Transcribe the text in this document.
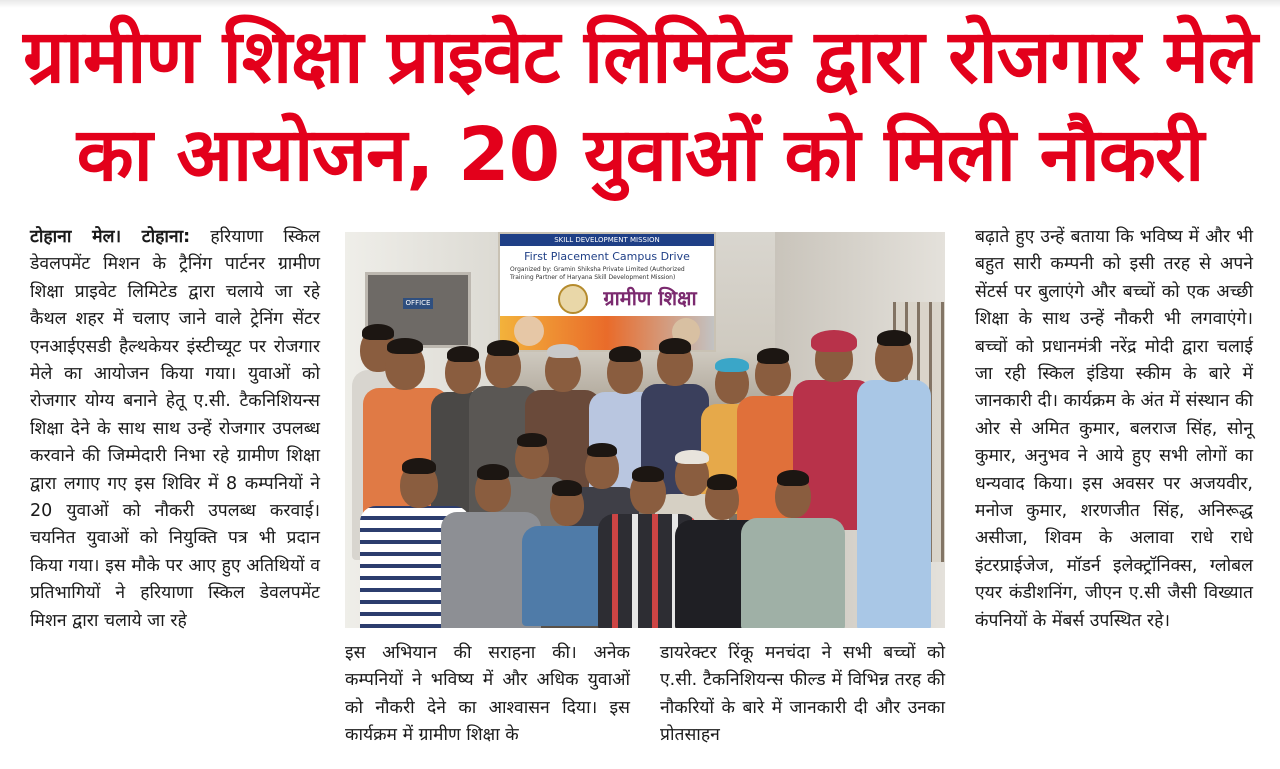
ग्रामीण शिक्षा प्राइवेट लिमिटेड द्वारा रोजगार मेले
का आयोजन, 20 युवाओं को मिली नौकरी
टोहाना मेल। टोहाना: हरियाणा स्किल डेवलपमेंट मिशन के ट्रैनिंग पार्टनर ग्रामीण शिक्षा प्राइवेट लिमिटेड द्वारा चलाये जा रहे कैथल शहर में चलाए जाने वाले ट्रेनिंग सेंटर एनआईएसडी हैल्थकेयर इंस्टीच्यूट पर रोजगार मेले का आयोजन किया गया। युवाओं को रोजगार योग्य बनाने हेतू ए.सी. टैकनिशियन्स शिक्षा देने के साथ साथ उन्हें रोजगार उपलब्ध करवाने की जिम्मेदारी निभा रहे ग्रामीण शिक्षा द्वारा लगाए गए इस शिविर में 8 कम्पनियों ने 20 युवाओं को नौकरी उपलब्ध करवाई। चयनित युवाओं को नियुक्ति पत्र भी प्रदान किया गया। इस मौके पर आए हुए अतिथियों व प्रतिभागियों ने हरियाणा स्किल डेवलपमेंट मिशन द्वारा चलाये जा रहे
OFFICE
SKILL DEVELOPMENT MISSION
First Placement Campus Drive
Organized by: Gramin Shiksha Private Limited (Authorized Training Partner of Haryana Skill Development Mission)
ग्रामीण शिक्षा
इस अभियान की सराहना की। अनेक कम्पनियों ने भविष्य में और अधिक युवाओं को नौकरी देने का आश्वासन दिया। इस कार्यक्रम में ग्रामीण शिक्षा के
डायरेक्टर रिंकू मनचंदा ने सभी बच्चों को ए.सी. टैकनिशियन्स फील्ड में विभिन्न तरह की नौकरियों के बारे में जानकारी दी और उनका प्रोतसाहन
बढ़ाते हुए उन्हें बताया कि भविष्य में और भी बहुत सारी कम्पनी को इसी तरह से अपने सेंटर्स पर बुलाएंगे और बच्चों को एक अच्छी शिक्षा के साथ उन्हें नौकरी भी लगवाएंगे। बच्चों को प्रधानमंत्री नरेंद्र मोदी द्वारा चलाई जा रही स्किल इंडिया स्कीम के बारे में जानकारी दी। कार्यक्रम के अंत में संस्थान की ओर से अमित कुमार, बलराज सिंह, सोनू कुमार, अनुभव ने आये हुए सभी लोगों का धन्यवाद किया। इस अवसर पर अजयवीर, मनोज कुमार, शरणजीत सिंह, अनिरूद्ध असीजा, शिवम के अलावा राधे राधे इंटरप्राईजेज, मॉडर्न इलेक्ट्रॉनिक्स, ग्लोबल एयर कंडीशनिंग, जीएन ए.सी जैसी विख्यात कंपनियों के मेंबर्स उपस्थित रहे।
